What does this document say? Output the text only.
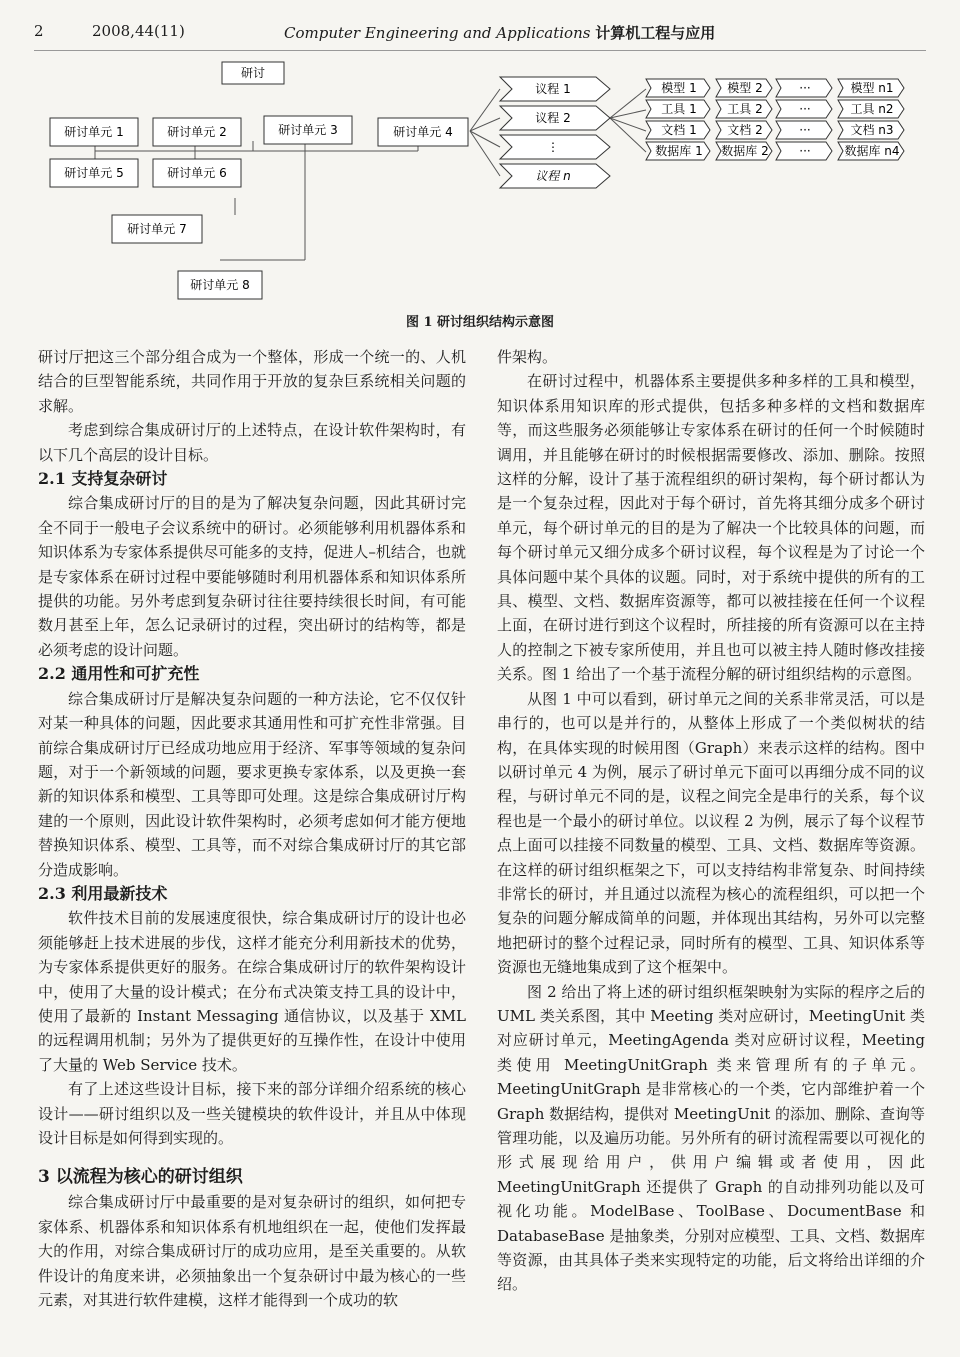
2	2008,44(11)	Computer Engineering and Applications 计算机工程与应用
研讨
研讨单元 1	研讨单元 2	研讨单元 3	研讨单元 4
研讨单元 5	研讨单元 6
研讨单元 7
研讨单元 8
议程 1
议程 2
⋮
议程 n
模型 1	模型 2	···	模型 n1
工具 1	工具 2	···	工具 n2
文档 1	文档 2	···	文档 n3
数据库 1 数据库 2	···	数据库 n4
图 1 研讨组织结构示意图

研讨厅把这三个部分组合成为一个整体，形成一个统一的、人机结合的巨型智能系统，共同作用于开放的复杂巨系统相关问题的求解。

考虑到综合集成研讨厅的上述特点，在设计软件架构时，有以下几个高层的设计目标。

2.1 支持复杂研讨

综合集成研讨厅的目的是为了解决复杂问题，因此其研讨完全不同于一般电子会议系统中的研讨。必须能够利用机器体系和知识体系为专家体系提供尽可能多的支持，促进人–机结合，也就是专家体系在研讨过程中要能够随时利用机器体系和知识体系所提供的功能。另外考虑到复杂研讨往往要持续很长时间，有可能数月甚至上年，怎么记录研讨的过程，突出研讨的结构等，都是必须考虑的设计问题。

2.2 通用性和可扩充性

综合集成研讨厅是解决复杂问题的一种方法论，它不仅仅针对某一种具体的问题，因此要求其通用性和可扩充性非常强。目前综合集成研讨厅已经成功地应用于经济、军事等领域的复杂问题，对于一个新领域的问题，要求更换专家体系，以及更换一套新的知识体系和模型、工具等即可处理。这是综合集成研讨厅构建的一个原则，因此设计软件架构时，必须考虑如何才能方便地替换知识体系、模型、工具等，而不对综合集成研讨厅的其它部分造成影响。

2.3 利用最新技术

软件技术目前的发展速度很快，综合集成研讨厅的设计也必须能够赶上技术进展的步伐，这样才能充分利用新技术的优势，为专家体系提供更好的服务。在综合集成研讨厅的软件架构设计中，使用了大量的设计模式；在分布式决策支持工具的设计中，使用了最新的 Instant Messaging 通信协议，以及基于 XML 的远程调用机制；另外为了提供更好的互操作性，在设计中使用了大量的 Web Service 技术。

有了上述这些设计目标，接下来的部分详细介绍系统的核心设计——研讨组织以及一些关键模块的软件设计，并且从中体现设计目标是如何得到实现的。

3 以流程为核心的研讨组织

综合集成研讨厅中最重要的是对复杂研讨的组织，如何把专家体系、机器体系和知识体系有机地组织在一起，使他们发挥最大的作用，对综合集成研讨厅的成功应用，是至关重要的。从软件设计的角度来讲，必须抽象出一个复杂研讨中最为核心的一些元素，对其进行软件建模，这样才能得到一个成功的软

件架构。

在研讨过程中，机器体系主要提供多种多样的工具和模型，知识体系用知识库的形式提供，包括多种多样的文档和数据库等，而这些服务必须能够让专家体系在研讨的任何一个时候随时调用，并且能够在研讨的时候根据需要修改、添加、删除。按照这样的分解，设计了基于流程组织的研讨架构，每个研讨都认为是一个复杂过程，因此对于每个研讨，首先将其细分成多个研讨单元，每个研讨单元的目的是为了解决一个比较具体的问题，而每个研讨单元又细分成多个研讨议程，每个议程是为了讨论一个具体问题中某个具体的议题。同时，对于系统中提供的所有的工具、模型、文档、数据库资源等，都可以被挂接在任何一个议程上面，在研讨进行到这个议程时，所挂接的所有资源可以在主持人的控制之下被专家所使用，并且也可以被主持人随时修改挂接关系。图 1 给出了一个基于流程分解的研讨组织结构的示意图。

从图 1 中可以看到，研讨单元之间的关系非常灵活，可以是串行的，也可以是并行的，从整体上形成了一个类似树状的结构，在具体实现的时候用图（Graph）来表示这样的结构。图中以研讨单元 4 为例，展示了研讨单元下面可以再细分成不同的议程，与研讨单元不同的是，议程之间完全是串行的关系，每个议程也是一个最小的研讨单位。以议程 2 为例，展示了每个议程节点上面可以挂接不同数量的模型、工具、文档、数据库等资源。在这样的研讨组织框架之下，可以支持结构非常复杂、时间持续非常长的研讨，并且通过以流程为核心的流程组织，可以把一个复杂的问题分解成简单的问题，并体现出其结构，另外可以完整地把研讨的整个过程记录，同时所有的模型、工具、知识体系等资源也无缝地集成到了这个框架中。

图 2 给出了将上述的研讨组织框架映射为实际的程序之后的 UML 类关系图，其中 Meeting 类对应研讨，MeetingUnit 类对应研讨单元，MeetingAgenda 类对应研讨议程，Meeting 类使用 MeetingUnitGraph 类来管理所有的子单元。MeetingUnitGraph 是非常核心的一个类，它内部维护着一个 Graph 数据结构，提供对 MeetingUnit 的添加、删除、查询等管理功能，以及遍历功能。另外所有的研讨流程需要以可视化的形式展现给用户，供用户编辑或者使用，因此 MeetingUnitGraph 还提供了 Graph 的自动排列功能以及可视化功能。ModelBase、ToolBase、DocumentBase 和 DatabaseBase 是抽象类，分别对应模型、工具、文档、数据库等资源，由其具体子类来实现特定的功能，后文将给出详细的介绍。
